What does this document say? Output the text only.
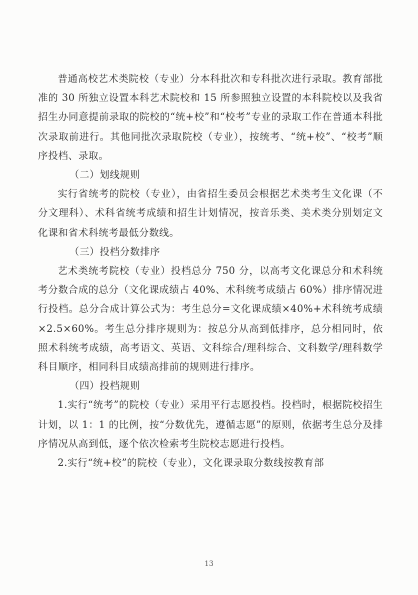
普通高校艺术类院校（专业）分本科批次和专科批次进行录取。教育部批准的 30 所独立设置本科艺术院校和 15 所参照独立设置的本科院校以及我省招生办同意提前录取的院校的“统+校”和“校考”专业的录取工作在普通本科批次录取前进行。其他同批次录取院校（专业），按统考、“统+校”、“校考”顺序投档、录取。

（二）划线规则

实行省统考的院校（专业），由省招生委员会根据艺术类考生文化课（不分文理科）、术科省统考成绩和招生计划情况，按音乐类、美术类分别划定文化课和省术科统考最低分数线。

（三）投档分数排序

艺术类统考院校（专业）投档总分 750 分，以高考文化课总分和术科统考分数合成的总分（文化课成绩占 40%、术科统考成绩占 60%）排序情况进行投档。总分合成计算公式为：考生总分=文化课成绩×40%+术科统考成绩×2.5×60%。考生总分排序规则为：按总分从高到低排序，总分相同时，依照术科统考成绩，高考语文、英语、文科综合/理科综合、文科数学/理科数学科目顺序，相同科目成绩高排前的规则进行排序。

（四）投档规则

1.实行“统考”的院校（专业）采用平行志愿投档。投档时，根据院校招生计划，以 1：1 的比例，按“分数优先，遵循志愿”的原则，依据考生总分及排序情况从高到低，逐个依次检索考生院校志愿进行投档。

2.实行“统+校”的院校（专业），文化课录取分数线按教育部

13
